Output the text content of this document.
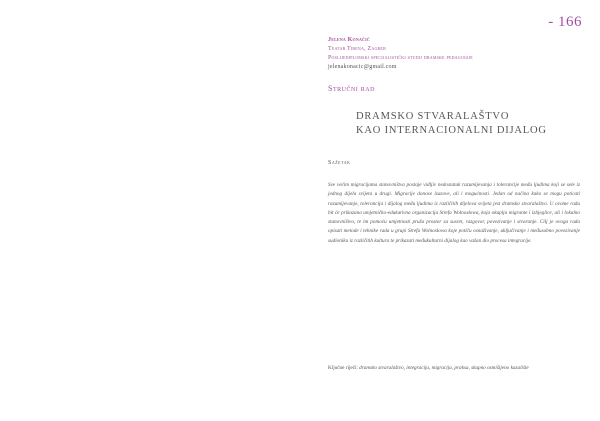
- 166
Jelena Konačić
Teatar Tirena, Zagreb
Poslijediplomski specijalistički studij dramske pedagogije
jelenakonacic@gmail.com
Stručni rad
DRAMSKO STVARALAŠTVO
KAO INTERNACIONALNI DIJALOG
Sažetak
Sve većim migracijama stanovništva postaje vidljiv nedostatak razumijevanja i tolerancije među ljudima koji se sele iz jednog dijela svijeta u drugi. Migracije donose izazove, ali i mogućnosti. Jedan od načina kako se mogu poticati razumijevanje, tolerancija i dijalog među ljudima iz različitih dijelova svijeta jest dramsko stvaralaštvo. U ovome radu bit će prikazana umjetničko-edukativna organizacija Strefa Wolnosłowa, koja okuplja migrante i izbjeglice, ali i lokalno stanovništvo, te im pomoću umjetnosti pruža prostor za susret, razgovor, povezivanje i stvaranje. Cilj je ovoga rada opisati metode i tehnike rada u grupi Strefa Wolnosłowa koje potiču osnaživanje, uključivanje i međusobno povezivanje sudionika iz različitih kultura te prikazati međukulturni dijalog kao važan dio procesa integracije.
Ključne riječi: dramsko stvaralaštvo, integracija, migracija, praksa, skupno osmišljeno kazalište
